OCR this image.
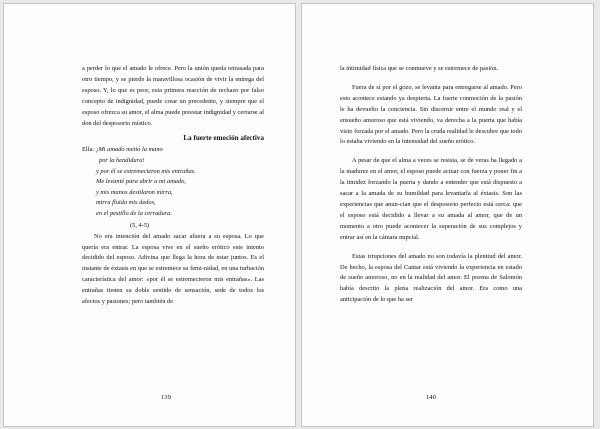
a perder lo que el amado le ofrece. Pero la unión queda retrasada para otro tiempo, y se pierde la maravillosa ocasión de vivir la entrega del esposo. Y, lo que es peor, esta primera reacción de rechazo por falso concepto de indignidad, puede crear un precedente, y siempre que el esposo ofrezca su amor, el alma puede preestar indignidad y cerrarse al don del desposorio místico.

La fuerte emoción afectiva
Ella: ¡Mi amado metió la mano
por la hendidura!
y por él se estremecieron mis entrañas.
Me levanté para abrir a mi amado,
y mis manos destilaron mirra,
mirra fluida mis dedos,
en el pestillo de la cerradura.
(5, 4-5)

No era intención del amado sacar afuera a su esposa. Lo que quería era entrar. La esposa vive en el sueño erótico este intento decidido del esposo. Adivina que llega la hora de estar juntos. Es el instante de éxtasis en que se estremece su femi-nidad, en una turbación característica del amor: «por él se estremecieron mis entrañas». Las entrañas tienen su doble sentido de sensación, sede de todos los afectos y pasiones; pero también de

139

la intimidad física que se conmueve y se estremece de pasión.

Fuera de sí por el gozo, se levanta para entregarse al amado. Pero esto acontece estando ya despierta. La fuerte conmoción de la pasión le ha devuelto la conciencia. Sin discernir entre el mundo real y el ensueño amoroso que está viviendo, va derecha a la puerta que había visto forzada por el amado. Pero la cruda realidad le descubre que todo lo estaba viviendo en la intensidad del sueño erótico.

A pesar de que el alma a veces se resista, se de veras ha llegado a la madurez en el amor, el esposo puede actuar con fuerza y poner fin a la timidez forzando la puerta y dando a entender que está dispuesto a sacar a la amada de su humildad para levantarla al éxtasis. Son las experiencias que anun-cian que el desposorio perfecto está cerca: que el esposo está decidido a llevar a su amada al amor, que de un momento a otro puede acontecer la superación de sus complejos y entrar así en la cámara nupcial.

Estas irrupciones del amado no son todavía la plenitud del amor. De hecho, la esposa del Cantar está viviendo la experiencia en estado de sueño amoroso, no en la realidad del amor. El poema de Salomón había descrito la plena realización del amor. Era como una anticipación de lo que ha ser

140
